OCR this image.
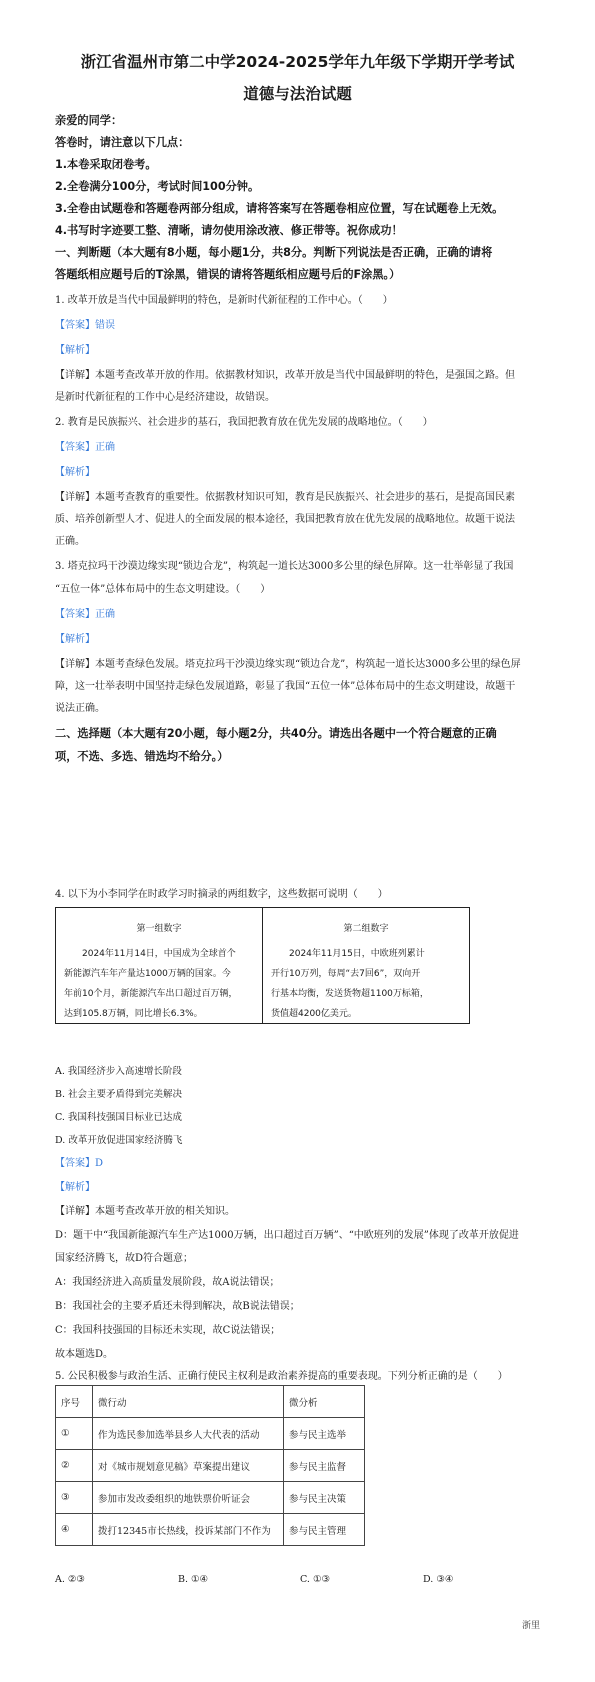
浙江省温州市第二中学2024-2025学年九年级下学期开学考试
道德与法治试题
亲爱的同学：
答卷时，请注意以下几点：
1.本卷采取闭卷考。
2.全卷满分100分，考试时间100分钟。
3.全卷由试题卷和答题卷两部分组成，请将答案写在答题卷相应位置，写在试题卷上无效。
4.书写时字迹要工整、清晰，请勿使用涂改液、修正带等。祝你成功！
一、判断题（本大题有8小题，每小题1分，共8分。判断下列说法是否正确，正确的请将
答题纸相应题号后的T涂黑，错误的请将答题纸相应题号后的F涂黑。）
1. 改革开放是当代中国最鲜明的特色，是新时代新征程的工作中心。（　　）
【答案】错误
【解析】
【详解】本题考查改革开放的作用。依据教材知识，改革开放是当代中国最鲜明的特色，是强国之路。但
是新时代新征程的工作中心是经济建设，故错误。
2. 教育是民族振兴、社会进步的基石，我国把教育放在优先发展的战略地位。（　　）
【答案】正确
【解析】
【详解】本题考查教育的重要性。依据教材知识可知，教育是民族振兴、社会进步的基石，是提高国民素
质、培养创新型人才、促进人的全面发展的根本途径，我国把教育放在优先发展的战略地位。故题干说法
正确。
3. 塔克拉玛干沙漠边缘实现“锁边合龙”，构筑起一道长达3000多公里的绿色屏障。这一壮举彰显了我国
“五位一体”总体布局中的生态文明建设。（　　）
【答案】正确
【解析】
【详解】本题考查绿色发展。塔克拉玛干沙漠边缘实现“锁边合龙”，构筑起一道长达3000多公里的绿色屏
障，这一壮举表明中国坚持走绿色发展道路，彰显了我国“五位一体”总体布局中的生态文明建设，故题干
说法正确。
二、选择题（本大题有20小题，每小题2分，共40分。请选出各题中一个符合题意的正确
项，不选、多选、错选均不给分。）
4. 以下为小李同学在时政学习时摘录的两组数字，这些数据可说明（　　）
第一组数字
　　2024年11月14日，中国成为全球首个
新能源汽车年产量达1000万辆的国家。今
年前10个月，新能源汽车出口超过百万辆，
达到105.8万辆，同比增长6.3%。

第二组数字
　　2024年11月15日，中欧班列累计
开行10万列，每周“去7回6”，双向开
行基本均衡，发送货物超1100万标箱，
货值超4200亿美元。
A. 我国经济步入高速增长阶段
B. 社会主要矛盾得到完美解决
C. 我国科技强国目标业已达成
D. 改革开放促进国家经济腾飞
【答案】D
【解析】
【详解】本题考查改革开放的相关知识。
D：题干中“我国新能源汽车生产达1000万辆，出口超过百万辆”、“中欧班列的发展”体现了改革开放促进
国家经济腾飞，故D符合题意；
A：我国经济进入高质量发展阶段，故A说法错误；
B：我国社会的主要矛盾还未得到解决，故B说法错误；
C：我国科技强国的目标还未实现，故C说法错误；
故本题选D。
5. 公民积极参与政治生活、正确行使民主权利是政治素养提高的重要表现。下列分析正确的是（　　）
序号	微行动	微分析
①	作为选民参加选举县乡人大代表的活动	参与民主选举
②	对《城市规划意见稿》草案提出建议	参与民主监督
③	参加市发改委组织的地铁票价听证会	参与民主决策
④	拨打12345市长热线，投诉某部门不作为	参与民主管理
A. ②③	B. ①④	C. ①③	D. ③④
浙里
